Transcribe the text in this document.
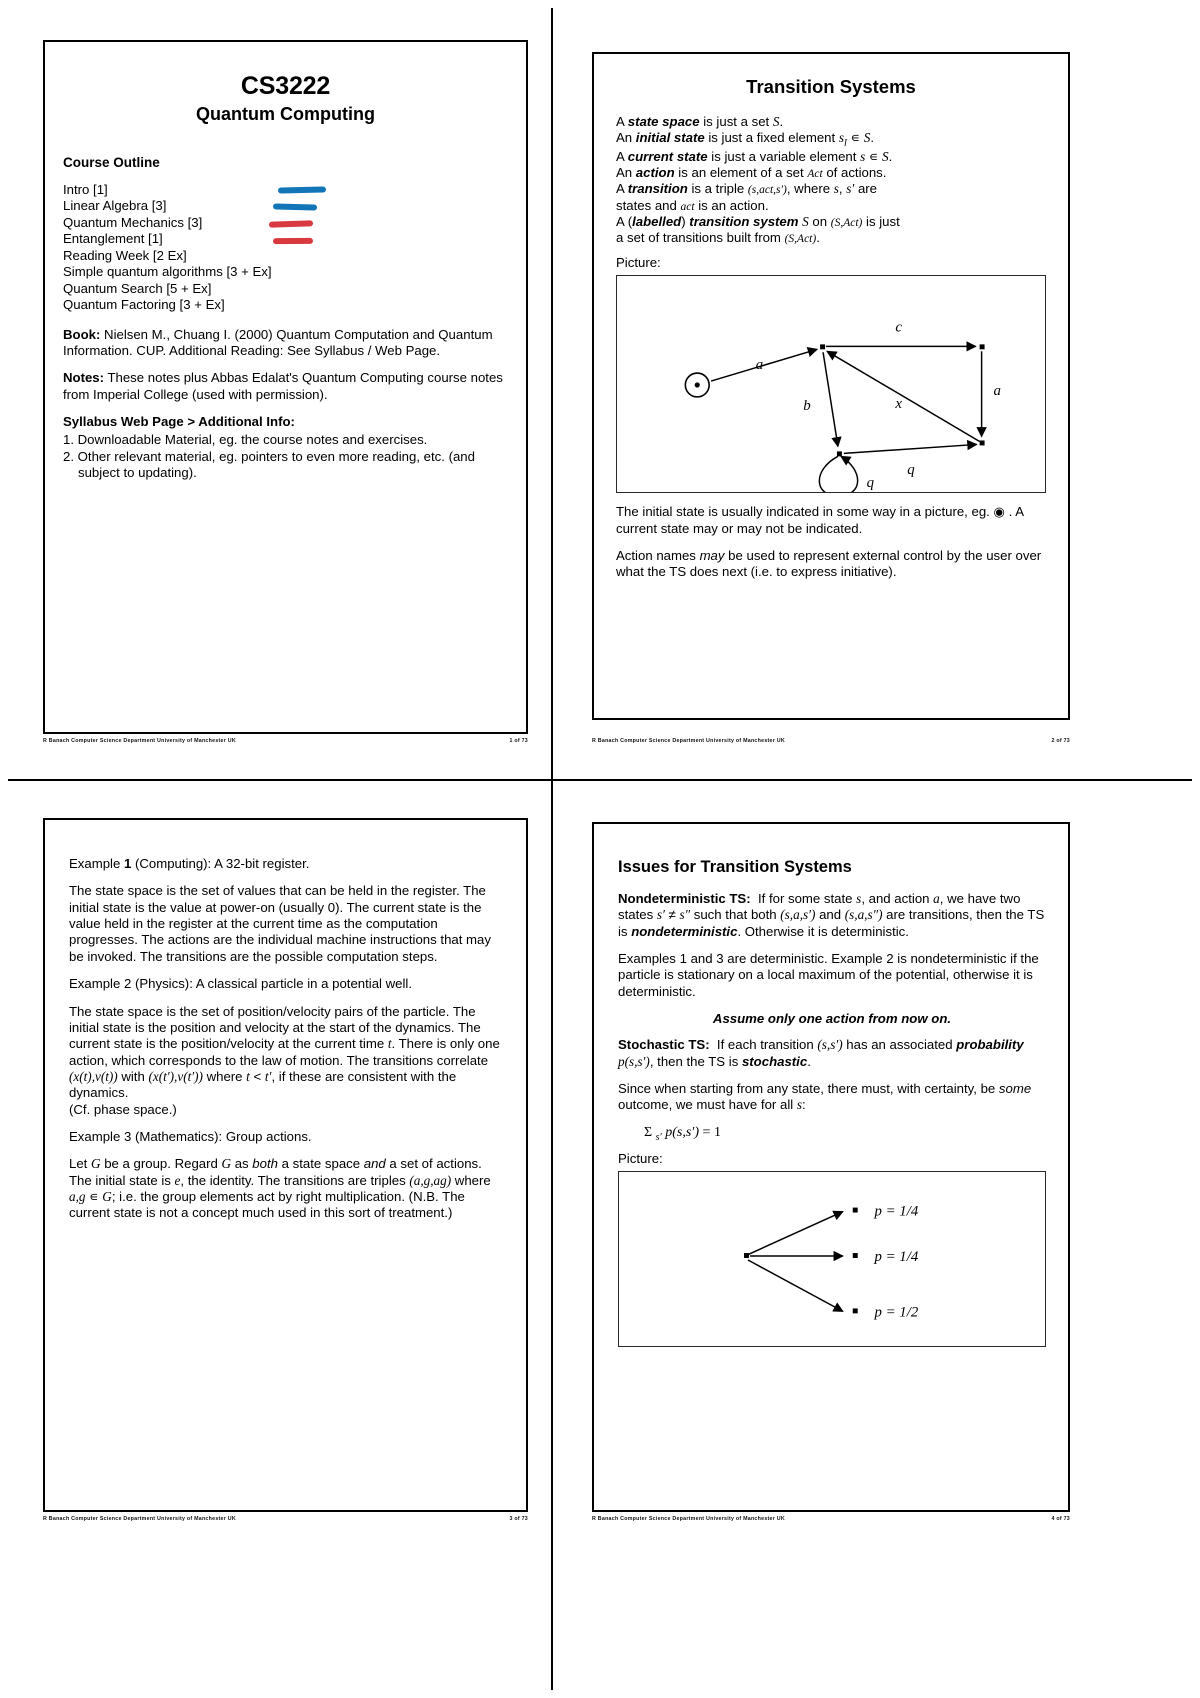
CS3222
Quantum Computing
Course Outline
Intro [1]
Linear Algebra [3]
Quantum Mechanics [3]
Entanglement [1]
Reading Week [2 Ex]
Simple quantum algorithms [3 + Ex]
Quantum Search [5 + Ex]
Quantum Factoring [3 + Ex]

Book: Nielsen M., Chuang I. (2000) Quantum Computation and Quantum Information. CUP. Additional Reading: See Syllabus / Web Page.

Notes: These notes plus Abbas Edalat's Quantum Computing course notes from Imperial College (used with permission).

Syllabus Web Page > Additional Info:
1. Downloadable Material, eg. the course notes and exercises.
2. Other relevant material, eg. pointers to even more reading, etc. (and subject to updating).
R Banach Computer Science Department University of Manchester UK	1 of 73
Transition Systems
A state space is just a set S.
An initial state is just a fixed element $s_I$ ∊ S.
A current state is just a variable element s ∊ S.
An action is an element of a set Act of actions.
A transition is a triple (s,act,s′), where s, s′ are
states and act is an action.
A (labelled) transition system S on (S,Act) is just
a set of transitions built from (S,Act).
Picture:
a
c
a
b	x
q
q

The initial state is usually indicated in some way in a picture, eg. ◉ . A current state may or may not be indicated.

Action names may be used to represent external control by the user over what the TS does next (i.e. to express initiative).

R Banach Computer Science Department University of Manchester UK	2 of 73

Example 1 (Computing): A 32-bit register.

The state space is the set of values that can be held in the register. The initial state is the value at power-on (usually 0). The current state is the value held in the register at the current time as the computation progresses. The actions are the individual machine instructions that may be invoked. The transitions are the possible computation steps.

Example 2 (Physics): A classical particle in a potential well.

The state space is the set of position/velocity pairs of the particle. The initial state is the position and velocity at the start of the dynamics. The current state is the position/velocity at the current time t. There is only one action, which corresponds to the law of motion. The transitions correlate (x(t),v(t)) with (x(t′),v(t′)) where t < t′, if these are consistent with the dynamics.
(Cf. phase space.)

Example 3 (Mathematics): Group actions.

Let G be a group. Regard G as both a state space and a set of actions. The initial state is e, the identity. The transitions are triples (a,g,ag) where a,g ∊ G; i.e. the group elements act by right multiplication. (N.B. The current state is not a concept much used in this sort of treatment.)

R Banach Computer Science Department University of Manchester UK	3 of 73
Issues for Transition Systems

Nondeterministic TS:  If for some state s, and action a, we have two states s′ ≠ s″ such that both (s,a,s′) and (s,a,s″) are transitions, then the TS is nondeterministic. Otherwise it is deterministic.

Examples 1 and 3 are deterministic. Example 2 is nondeterministic if the particle is stationary on a local maximum of the potential, otherwise it is deterministic.

Assume only one action from now on.

Stochastic TS:  If each transition (s,s′) has an associated probability p(s,s′), then the TS is stochastic.

Since when starting from any state, there must, with certainty, be some outcome, we must have for all s:

Σ $_{s'}$ p(s,s′) = 1
Picture:
p = 1/4
p = 1/4
p = 1/2
R Banach Computer Science Department University of Manchester UK	4 of 73
